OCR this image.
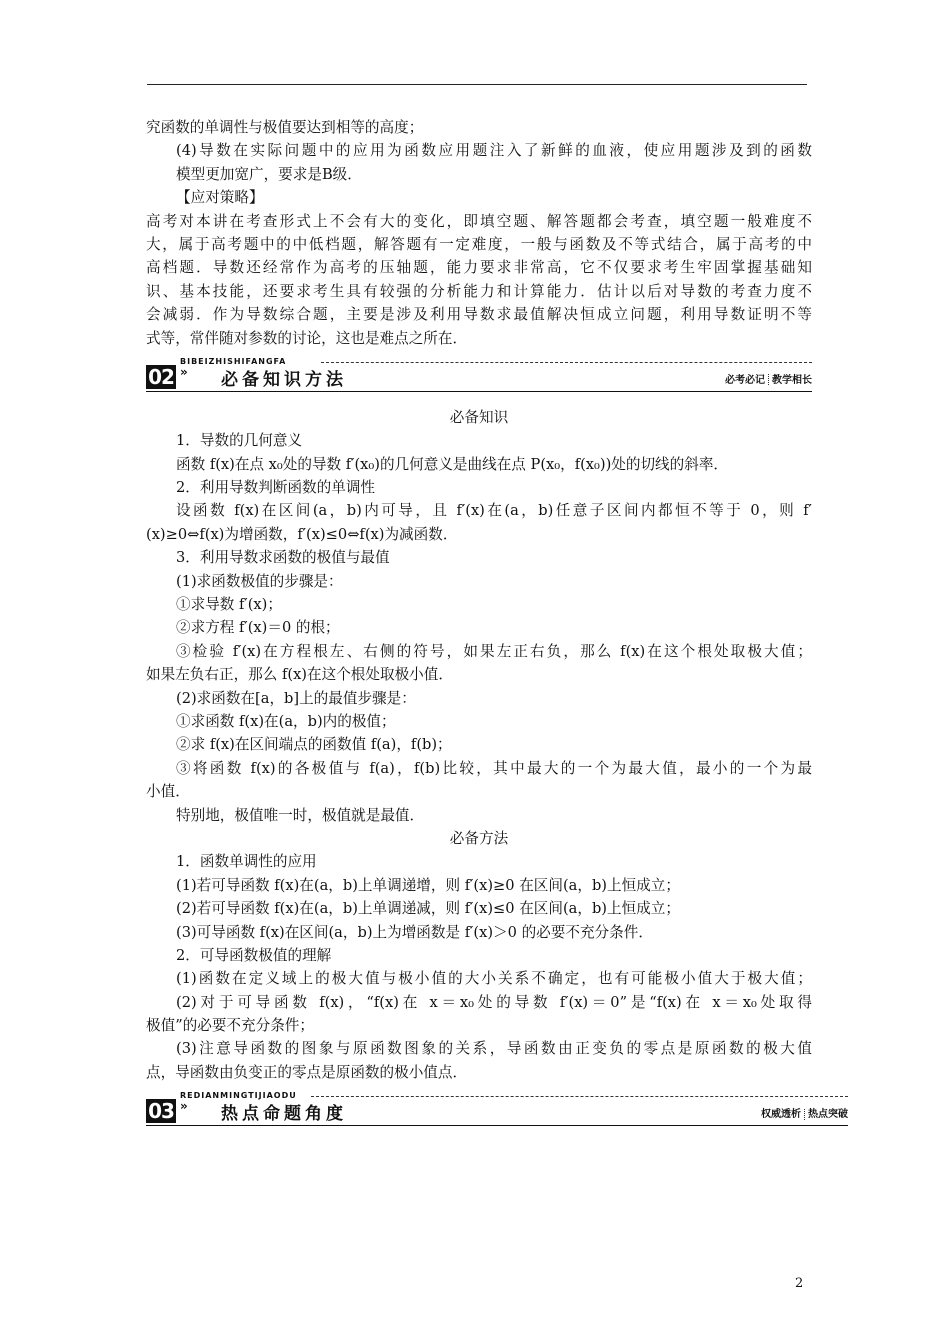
究函数的单调性与极值要达到相等的高度；
(4)导数在实际问题中的应用为函数应用题注入了新鲜的血液，使应用题涉及到的函数
模型更加宽广，要求是B级．
【应对策略】
高考对本讲在考查形式上不会有大的变化，即填空题、解答题都会考查，填空题一般难度不
大，属于高考题中的中低档题，解答题有一定难度，一般与函数及不等式结合，属于高考的中
高档题．导数还经常作为高考的压轴题，能力要求非常高，它不仅要求考生牢固掌握基础知
识、基本技能，还要求考生具有较强的分析能力和计算能力．估计以后对导数的考查力度不
会减弱．作为导数综合题，主要是涉及利用导数求最值解决恒成立问题，利用导数证明不等
式等，常伴随对参数的讨论，这也是难点之所在．
BIBEIZHISHIFANGFA
02 » 必备知识方法	必考必记 教学相长
必备知识
1．导数的几何意义
函数 f(x)在点 x₀处的导数 f′(x₀)的几何意义是曲线在点 P(x₀，f(x₀))处的切线的斜率．
2．利用导数判断函数的单调性
设函数 f(x)在区间(a，b)内可导，且 f′(x)在(a，b)任意子区间内都恒不等于 0，则 f′
(x)≥0⇔f(x)为增函数，f′(x)≤0⇔f(x)为减函数．
3．利用导数求函数的极值与最值
(1)求函数极值的步骤是：
①求导数 f′(x)；
②求方程 f′(x)＝0 的根；
③检验 f′(x)在方程根左、右侧的符号，如果左正右负，那么 f(x)在这个根处取极大值；
如果左负右正，那么 f(x)在这个根处取极小值．
(2)求函数在[a，b]上的最值步骤是：
①求函数 f(x)在(a，b)内的极值；
②求 f(x)在区间端点的函数值 f(a)，f(b)；
③将函数 f(x)的各极值与 f(a)，f(b)比较，其中最大的一个为最大值，最小的一个为最
小值．
特别地，极值唯一时，极值就是最值．
必备方法
1．函数单调性的应用
(1)若可导函数 f(x)在(a，b)上单调递增，则 f′(x)≥0 在区间(a，b)上恒成立；
(2)若可导函数 f(x)在(a，b)上单调递减，则 f′(x)≤0 在区间(a，b)上恒成立；
(3)可导函数 f(x)在区间(a，b)上为增函数是 f′(x)＞0 的必要不充分条件．
2．可导函数极值的理解
(1)函数在定义域上的极大值与极小值的大小关系不确定，也有可能极小值大于极大值；
(2)对于可导函数 f(x)，“f(x)在 x＝x₀处的导数 f′(x)＝0”是“f(x)在 x＝x₀处取得
极值”的必要不充分条件；
(3)注意导函数的图象与原函数图象的关系，导函数由正变负的零点是原函数的极大值
点，导函数由负变正的零点是原函数的极小值点．
REDIANMINGTIJIAODU
03 » 热点命题角度	权威透析 热点突破
2
